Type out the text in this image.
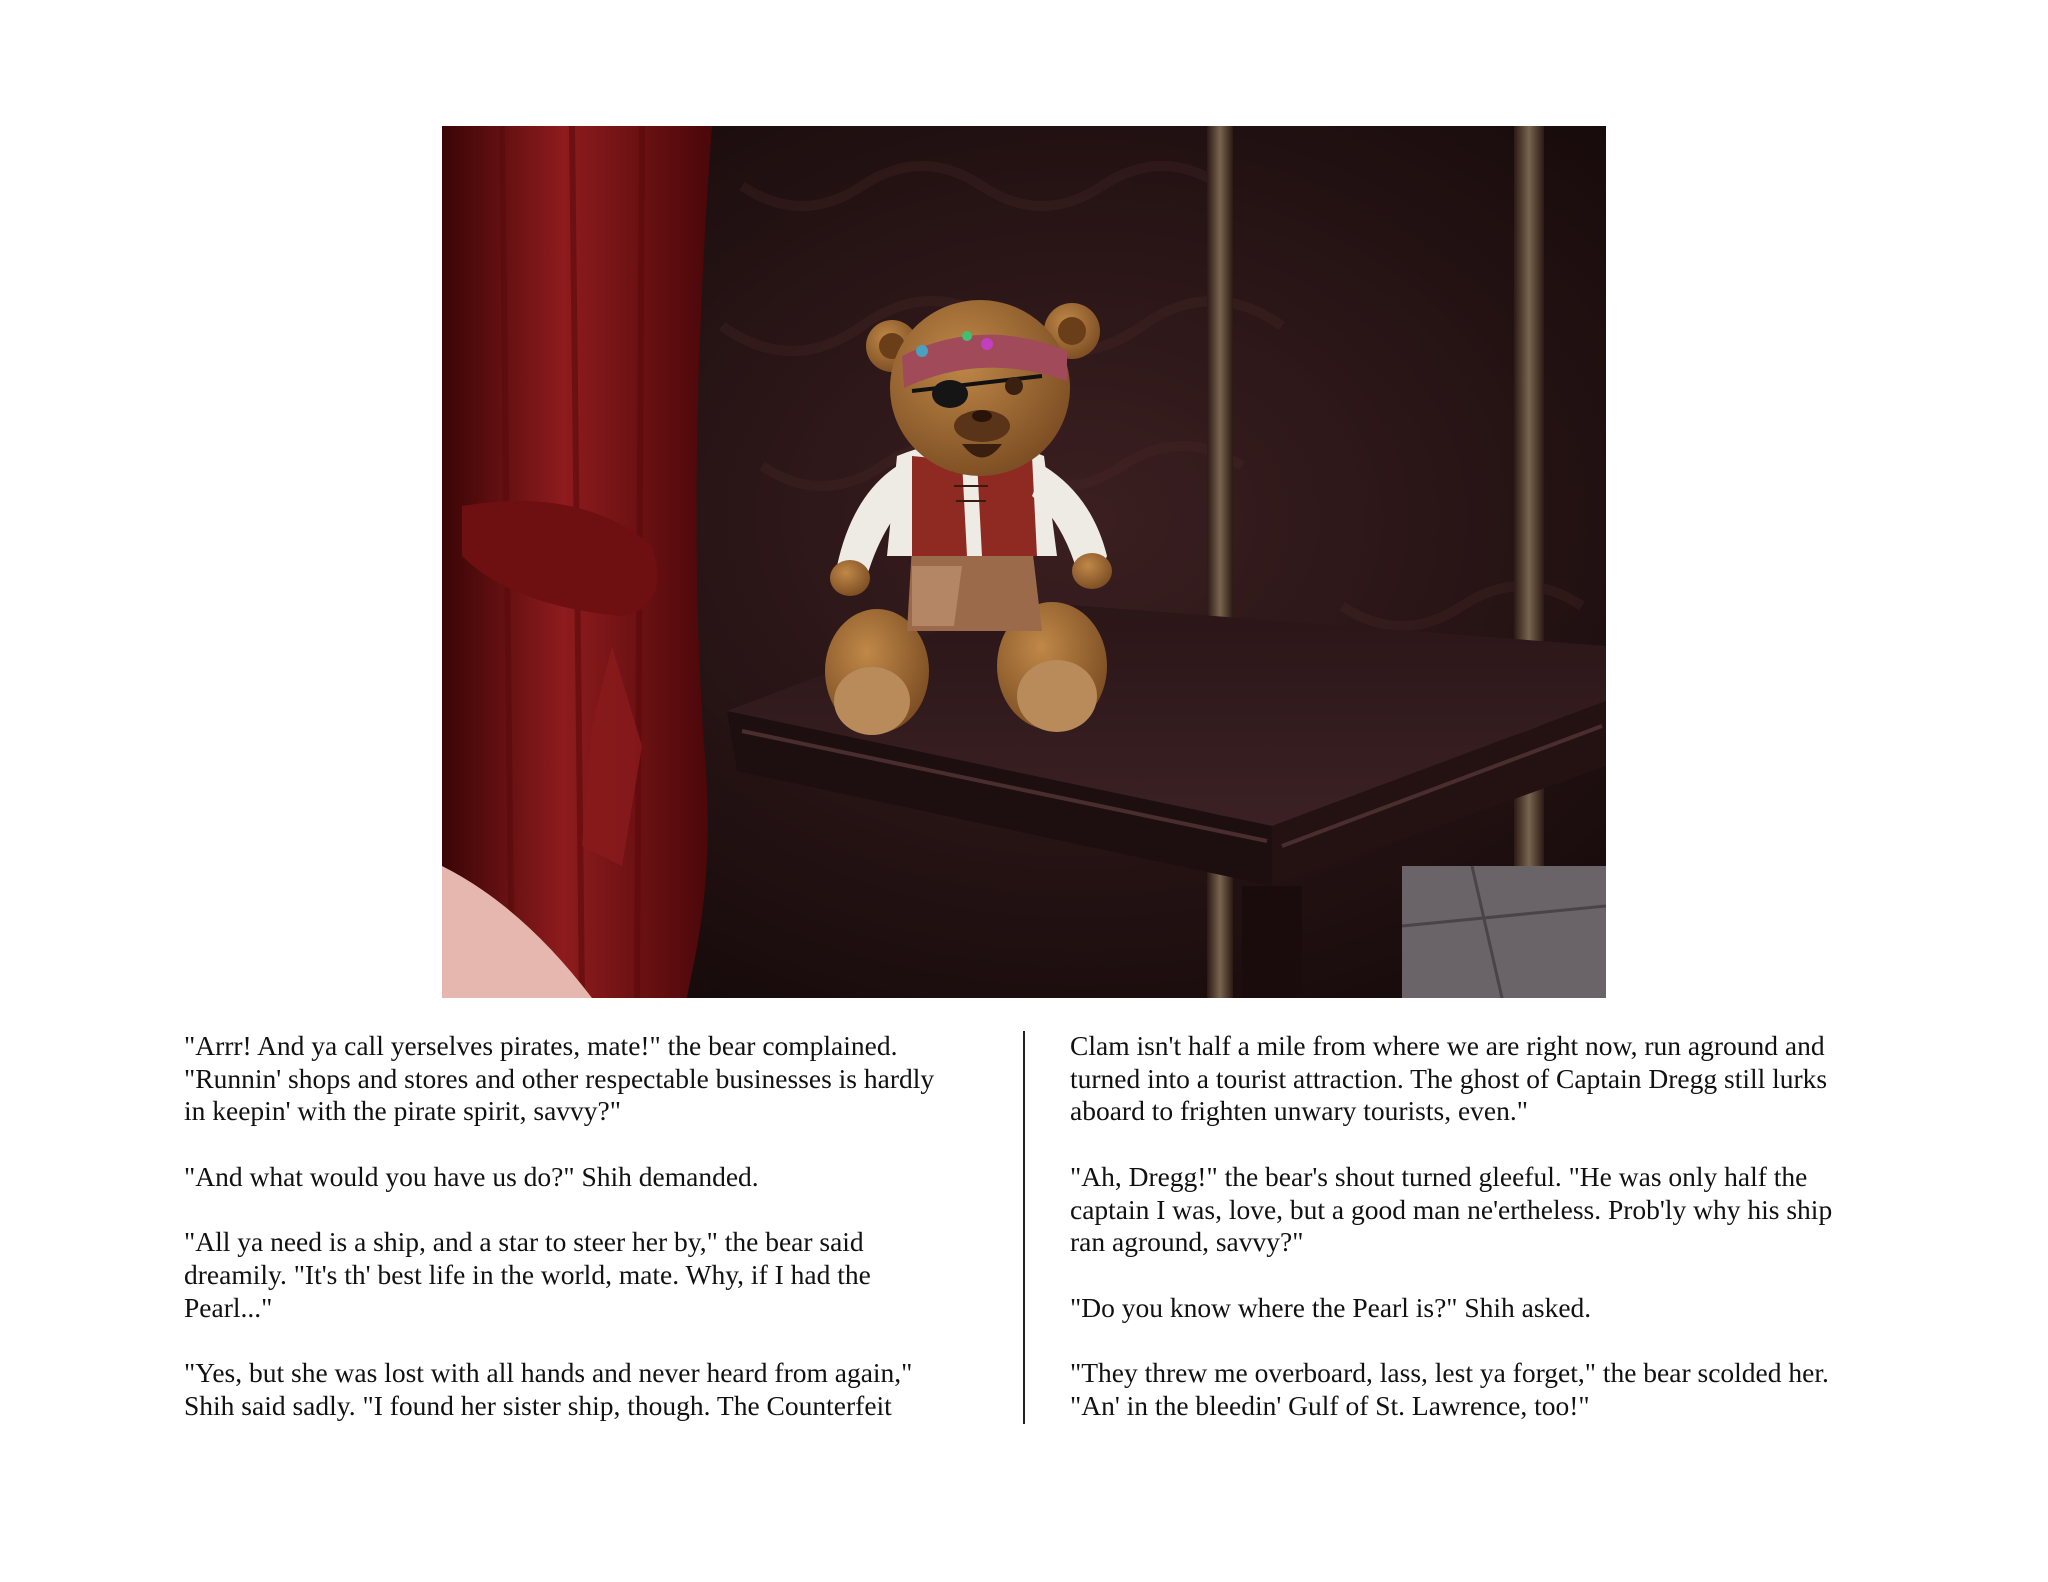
"Arrr! And ya call yerselves pirates, mate!" the bear complained.
"Runnin' shops and stores and other respectable businesses is hardly
in keepin' with the pirate spirit, savvy?"

"And what would you have us do?" Shih demanded.

"All ya need is a ship, and a star to steer her by," the bear said
dreamily. "It's th' best life in the world, mate. Why, if I had the
Pearl..."

"Yes, but she was lost with all hands and never heard from again,"
Shih said sadly. "I found her sister ship, though. The Counterfeit

Clam isn't half a mile from where we are right now, run aground and
turned into a tourist attraction. The ghost of Captain Dregg still lurks
aboard to frighten unwary tourists, even."

"Ah, Dregg!" the bear's shout turned gleeful. "He was only half the
captain I was, love, but a good man ne'ertheless. Prob'ly why his ship
ran aground, savvy?"

"Do you know where the Pearl is?" Shih asked.

"They threw me overboard, lass, lest ya forget," the bear scolded her.
"An' in the bleedin' Gulf of St. Lawrence, too!"
